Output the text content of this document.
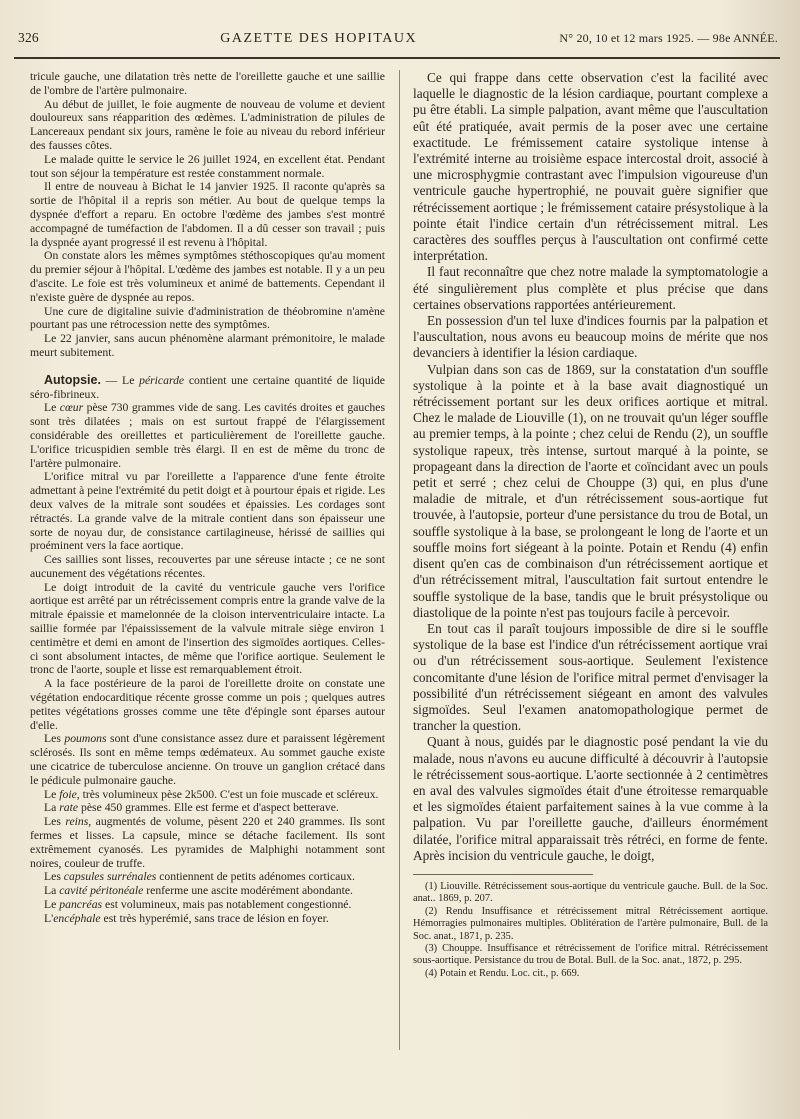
326	GAZETTE DES HOPITAUX	N° 20, 10 et 12 mars 1925. — 98e ANNÉE.

tricule gauche, une dilatation très nette de l'oreillette gauche et une saillie de l'ombre de l'artère pulmonaire.

Au début de juillet, le foie augmente de nouveau de volume et devient douloureux sans réapparition des œdèmes. L'administration de pilules de Lancereaux pendant six jours, ramène le foie au niveau du rebord inférieur des fausses côtes.

Le malade quitte le service le 26 juillet 1924, en excellent état. Pendant tout son séjour la température est restée constamment normale.

Il entre de nouveau à Bichat le 14 janvier 1925. Il raconte qu'après sa sortie de l'hôpital il a repris son métier. Au bout de quelque temps la dyspnée d'effort a reparu. En octobre l'œdème des jambes s'est montré accompagné de tuméfaction de l'abdomen. Il a dû cesser son travail ; puis la dyspnée ayant progressé il est revenu à l'hôpital.

On constate alors les mêmes symptômes stéthoscopiques qu'au moment du premier séjour à l'hôpital. L'œdème des jambes est notable. Il y a un peu d'ascite. Le foie est très volumineux et animé de battements. Cependant il n'existe guère de dyspnée au repos.

Une cure de digitaline suivie d'administration de théobromine n'amène pourtant pas une rétrocession nette des symptômes.

Le 22 janvier, sans aucun phénomène alarmant prémonitoire, le malade meurt subitement.

Autopsie. — Le péricarde contient une certaine quantité de liquide séro-fibrineux.

Le cœur pèse 730 grammes vide de sang. Les cavités droites et gauches sont très dilatées ; mais on est surtout frappé de l'élargissement considérable des oreillettes et particulièrement de l'oreillette gauche. L'orifice tricuspidien semble très élargi. Il en est de même du tronc de l'artère pulmonaire.

L'orifice mitral vu par l'oreillette a l'apparence d'une fente étroite admettant à peine l'extrémité du petit doigt et à pourtour épais et rigide. Les deux valves de la mitrale sont soudées et épaissies. Les cordages sont rétractés. La grande valve de la mitrale contient dans son épaisseur une sorte de noyau dur, de consistance cartilagineuse, hérissé de saillies qui proéminent vers la face aortique.

Ces saillies sont lisses, recouvertes par une séreuse intacte ; ce ne sont aucunement des végétations récentes.

Le doigt introduit de la cavité du ventricule gauche vers l'orifice aortique est arrêté par un rétrécissement compris entre la grande valve de la mitrale épaissie et mamelonnée de la cloison interventriculaire intacte. La saillie formée par l'épaississement de la valvule mitrale siège environ 1 centimètre et demi en amont de l'insertion des sigmoïdes aortiques. Celles-ci sont absolument intactes, de même que l'orifice aortique. Seulement le tronc de l'aorte, souple et lisse est remarquablement étroit.

A la face postérieure de la paroi de l'oreillette droite on constate une végétation endocarditique récente grosse comme un pois ; quelques autres petites végétations grosses comme une tête d'épingle sont éparses autour d'elle.

Les poumons sont d'une consistance assez dure et paraissent légèrement sclérosés. Ils sont en même temps œdémateux. Au sommet gauche existe une cicatrice de tuberculose ancienne. On trouve un ganglion crétacé dans le pédicule pulmonaire gauche.

Le foie, très volumineux pèse 2k500. C'est un foie muscade et scléreux.

La rate pèse 450 grammes. Elle est ferme et d'aspect betterave.

Les reins, augmentés de volume, pèsent 220 et 240 grammes. Ils sont fermes et lisses. La capsule, mince se détache facilement. Ils sont extrêmement cyanosés. Les pyramides de Malphighi notamment sont noires, couleur de truffe.

Les capsules surrénales contiennent de petits adénomes corticaux.

La cavité péritonéale renferme une ascite modérément abondante.

Le pancréas est volumineux, mais pas notablement congestionné.

L'encéphale est très hyperémié, sans trace de lésion en foyer.

Ce qui frappe dans cette observation c'est la facilité avec laquelle le diagnostic de la lésion cardiaque, pourtant complexe a pu être établi. La simple palpation, avant même que l'auscultation eût été pratiquée, avait permis de la poser avec une certaine exactitude. Le frémissement cataire systolique intense à l'extrémité interne au troisième espace intercostal droit, associé à une microsphygmie contrastant avec l'impulsion vigoureuse d'un ventricule gauche hypertrophié, ne pouvait guère signifier que rétrécissement aortique ; le frémissement cataire présystolique à la pointe était l'indice certain d'un rétrécissement mitral. Les caractères des souffles perçus à l'auscultation ont confirmé cette interprétation.

Il faut reconnaître que chez notre malade la symptomatologie a été singulièrement plus complète et plus précise que dans certaines observations rapportées antérieurement.

En possession d'un tel luxe d'indices fournis par la palpation et l'auscultation, nous avons eu beaucoup moins de mérite que nos devanciers à identifier la lésion cardiaque.

Vulpian dans son cas de 1869, sur la constatation d'un souffle systolique à la pointe et à la base avait diagnostiqué un rétrécissement portant sur les deux orifices aortique et mitral. Chez le malade de Liouville (1), on ne trouvait qu'un léger souffle au premier temps, à la pointe ; chez celui de Rendu (2), un souffle systolique rapeux, très intense, surtout marqué à la pointe, se propageant dans la direction de l'aorte et coïncidant avec un pouls petit et serré ; chez celui de Chouppe (3) qui, en plus d'une maladie de mitrale, et d'un rétrécissement sous-aortique fut trouvée, à l'autopsie, porteur d'une persistance du trou de Botal, un souffle systolique à la base, se prolongeant le long de l'aorte et un souffle moins fort siégeant à la pointe. Potain et Rendu (4) enfin disent qu'en cas de combinaison d'un rétrécissement aortique et d'un rétrécissement mitral, l'auscultation fait surtout entendre le souffle systolique de la base, tandis que le bruit présystolique ou diastolique de la pointe n'est pas toujours facile à percevoir.

En tout cas il paraît toujours impossible de dire si le souffle systolique de la base est l'indice d'un rétrécissement aortique vrai ou d'un rétrécissement sous-aortique. Seulement l'existence concomitante d'une lésion de l'orifice mitral permet d'envisager la possibilité d'un rétrécissement siégeant en amont des valvules sigmoïdes. Seul l'examen anatomopathologique permet de trancher la question.

Quant à nous, guidés par le diagnostic posé pendant la vie du malade, nous n'avons eu aucune difficulté à découvrir à l'autopsie le rétrécissement sous-aortique. L'aorte sectionnée à 2 centimètres en aval des valvules sigmoïdes était d'une étroitesse remarquable et les sigmoïdes étaient parfaitement saines à la vue comme à la palpation. Vu par l'oreillette gauche, d'ailleurs énormément dilatée, l'orifice mitral apparaissait très rétréci, en forme de fente. Après incision du ventricule gauche, le doigt,

(1) Liouville. Rétrécissement sous-aortique du ventricule gauche. Bull. de la Soc. anat.. 1869, p. 207.

(2) Rendu Insuffisance et rétrécissement mitral Rétrécissement aortique. Hémorragies pulmonaires multiples. Oblitération de l'artère pulmonaire, Bull. de la Soc. anat., 1871, p. 235.

(3) Chouppe. Insuffisance et rétrécissement de l'orifice mitral. Rétrécissement sous-aortique. Persistance du trou de Botal. Bull. de la Soc. anat., 1872, p. 295.

(4) Potain et Rendu. Loc. cit., p. 669.
